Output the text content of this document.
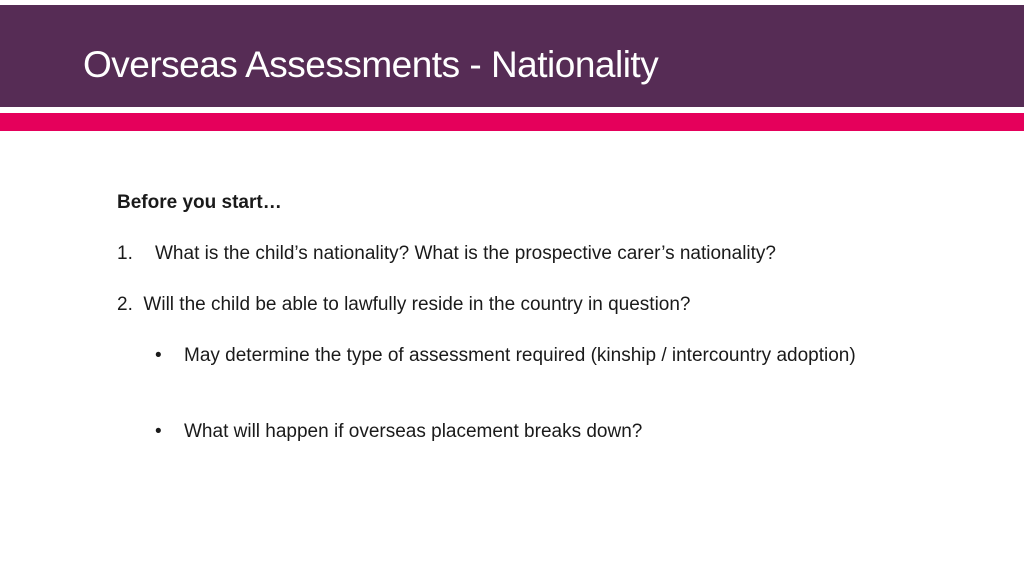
Overseas Assessments - Nationality
Before you start…
1. What is the child’s nationality? What is the prospective carer’s nationality?
2. Will the child be able to lawfully reside in the country in question?
• May determine the type of assessment required (kinship / intercountry adoption)
• What will happen if overseas placement breaks down?
